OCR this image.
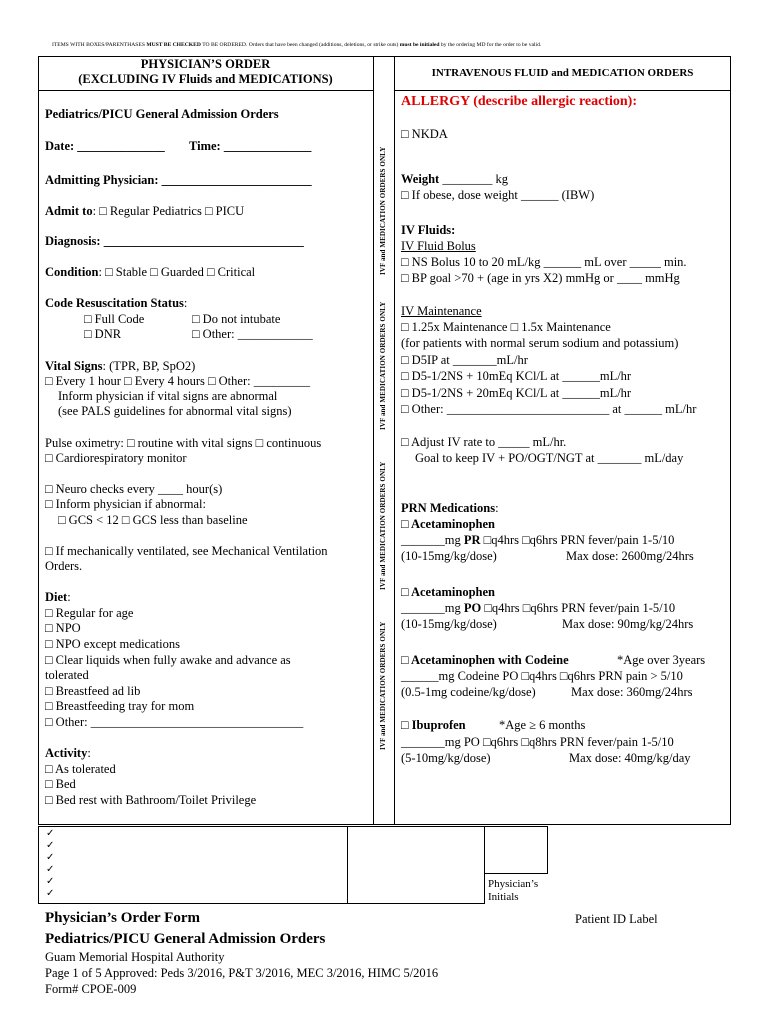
ITEMS WITH BOXES/PARENTHASES MUST BE CHECKED TO BE ORDERED. Orders that have been changed (additions, deletions, or strike outs) must be initialed by the ordering MD for the order to be valid.
PHYSICIAN’S ORDER
(EXCLUDING IV Fluids and MEDICATIONS)	INTRAVENOUS FLUID and MEDICATION ORDERS
IVF and MEDICATION ORDERS ONLY
IVF and MEDICATION ORDERS ONLY
IVF and MEDICATION ORDERS ONLY
IVF and MEDICATION ORDERS ONLY
Pediatrics/PICU General Admission Orders
Date: ______________ Time: ______________
Admitting Physician: ________________________
Admit to: □ Regular Pediatrics □ PICU
Diagnosis: ________________________________
Condition: □ Stable □ Guarded □ Critical
Code Resuscitation Status:
□ Full Code	□ Do not intubate
□ DNR	□ Other: ____________
Vital Signs: (TPR, BP, SpO2)
□ Every 1 hour □ Every 4 hours □ Other: _________
Inform physician if vital signs are abnormal
(see PALS guidelines for abnormal vital signs)
Pulse oximetry: □ routine with vital signs □ continuous
□ Cardiorespiratory monitor
□ Neuro checks every ____ hour(s)
□ Inform physician if abnormal:
□ GCS < 12 □ GCS less than baseline
□ If mechanically ventilated, see Mechanical Ventilation
Orders.
Diet:
□ Regular for age
□ NPO
□ NPO except medications
□ Clear liquids when fully awake and advance as
tolerated
□ Breastfeed ad lib
□ Breastfeeding tray for mom
□ Other: __________________________________
Activity:
□ As tolerated
□ Bed
□ Bed rest with Bathroom/Toilet Privilege
ALLERGY (describe allergic reaction):
□ NKDA
Weight ________ kg
□ If obese, dose weight ______ (IBW)
IV Fluids:
IV Fluid Bolus
□ NS Bolus 10 to 20 mL/kg ______ mL over _____ min.
□ BP goal >70 + (age in yrs X2) mmHg or ____ mmHg
IV Maintenance
□ 1.25x Maintenance □ 1.5x Maintenance
(for patients with normal serum sodium and potassium)
□ D5IP at _______mL/hr
□ D5-1/2NS + 10mEq KCl/L at ______mL/hr
□ D5-1/2NS + 20mEq KCl/L at ______mL/hr
□ Other: __________________________ at ______ mL/hr
□ Adjust IV rate to _____ mL/hr.
Goal to keep IV + PO/OGT/NGT at _______ mL/day
PRN Medications:
□ Acetaminophen
_______mg PR □q4hrs □q6hrs PRN fever/pain 1-5/10
(10-15mg/kg/dose)	Max dose: 2600mg/24hrs
□ Acetaminophen
_______mg PO □q4hrs □q6hrs PRN fever/pain 1-5/10
(10-15mg/kg/dose)	Max dose: 90mg/kg/24hrs
□ Acetaminophen with Codeine	*Age over 3years
______mg Codeine PO □q4hrs □q6hrs PRN pain > 5/10
(0.5-1mg codeine/kg/dose)	Max dose: 360mg/24hrs
□ Ibuprofen	*Age ≥ 6 months
_______mg PO □q6hrs □q8hrs PRN fever/pain 1-5/10
(5-10mg/kg/dose)	Max dose: 40mg/kg/day
✓
✓
✓
✓
✓
✓
Physician’s
Initials
Physician’s Order Form
Pediatrics/PICU General Admission Orders
Guam Memorial Hospital Authority
Page 1 of 5 Approved: Peds 3/2016, P&T 3/2016, MEC 3/2016, HIMC 5/2016
Form# CPOE-009
Patient ID Label
